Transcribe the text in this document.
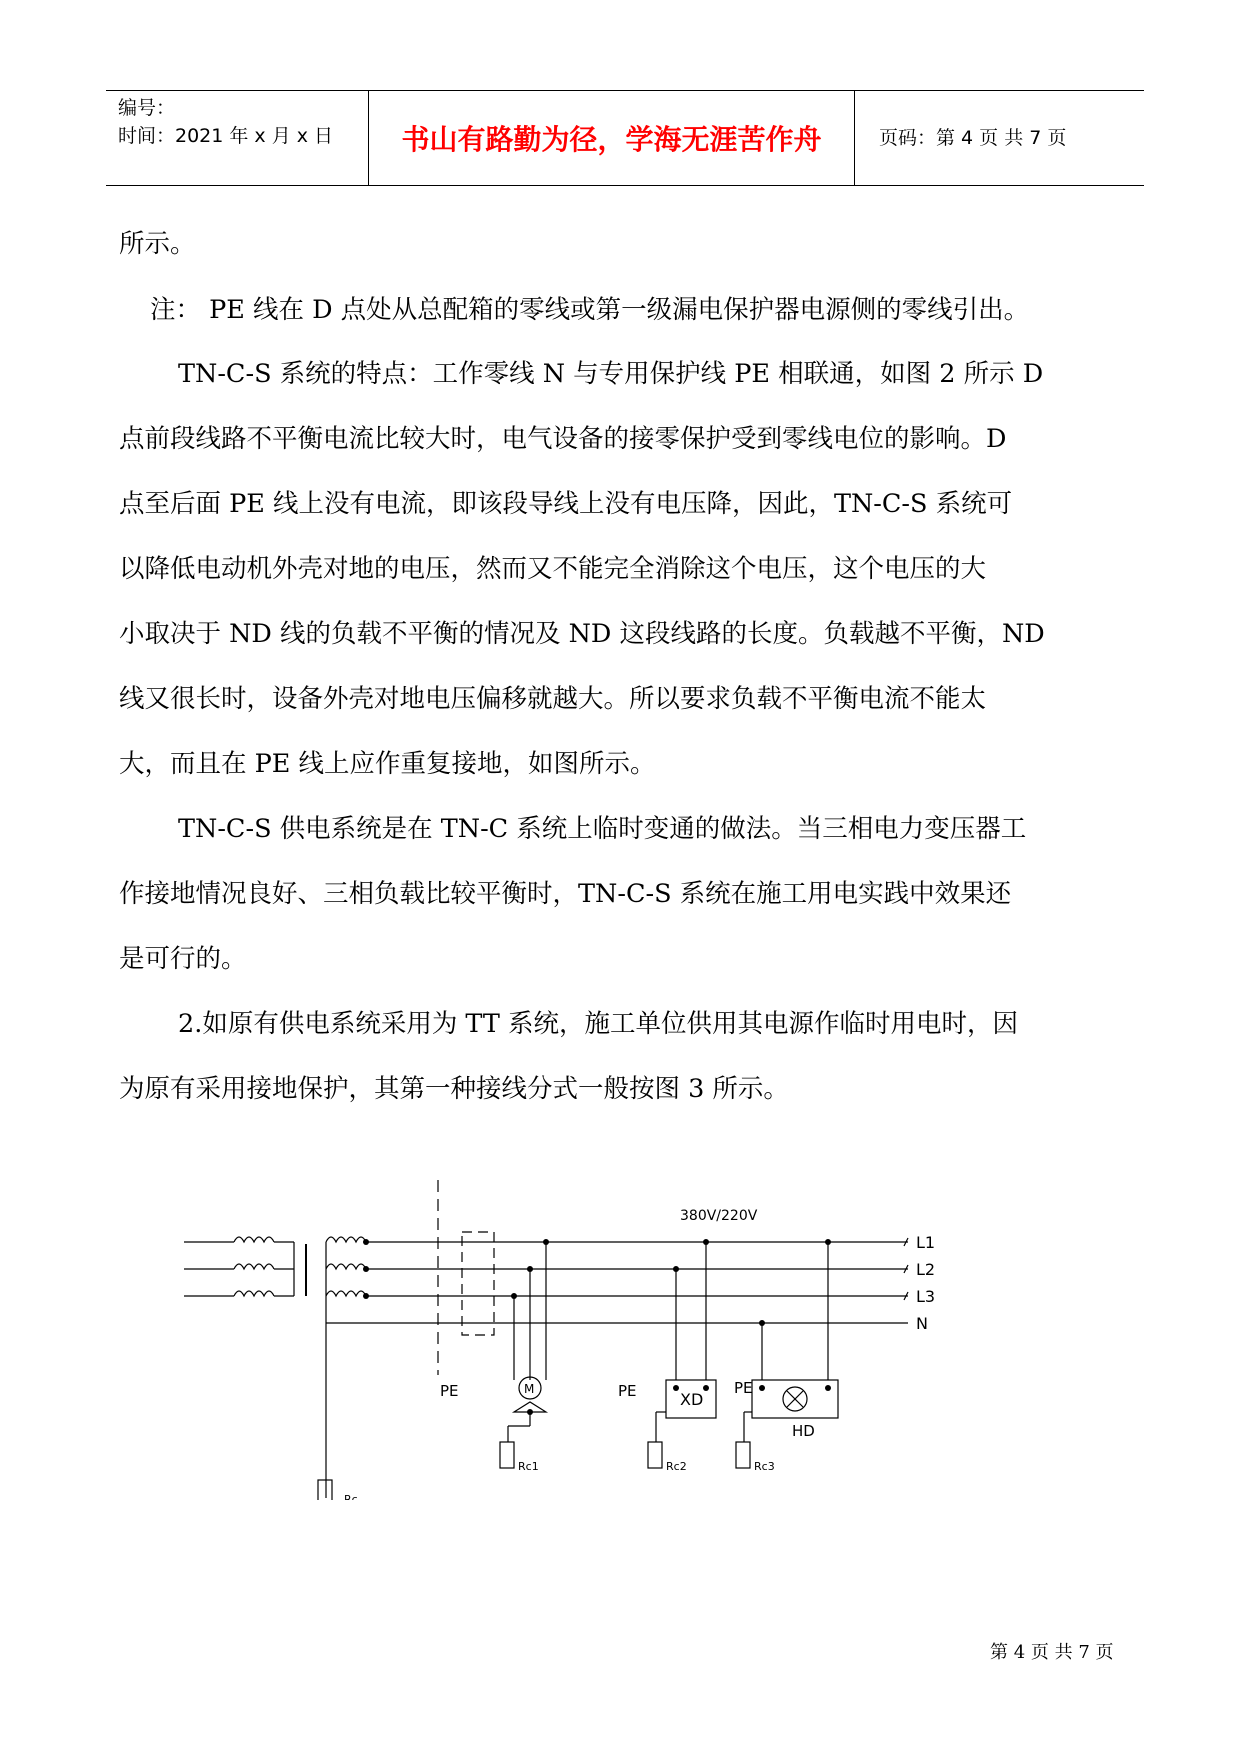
编号：
时间：2021 年 x 月 x 日	书山有路勤为径，学海无涯苦作舟	页码：第 4 页 共 7 页
所示。
注： PE 线在 D 点处从总配箱的零线或第一级漏电保护器电源侧的零线引出。
TN-C-S 系统的特点：工作零线 N 与专用保护线 PE 相联通，如图 2 所示 D
点前段线路不平衡电流比较大时，电气设备的接零保护受到零线电位的影响。D
点至后面 PE 线上没有电流，即该段导线上没有电压降，因此，TN-C-S 系统可
以降低电动机外壳对地的电压，然而又不能完全消除这个电压，这个电压的大
小取决于 ND 线的负载不平衡的情况及 ND 这段线路的长度。负载越不平衡，ND
线又很长时，设备外壳对地电压偏移就越大。所以要求负载不平衡电流不能太
大，而且在 PE 线上应作重复接地，如图所示。
TN-C-S 供电系统是在 TN-C 系统上临时变通的做法。当三相电力变压器工
作接地情况良好、三相负载比较平衡时，TN-C-S 系统在施工用电实践中效果还
是可行的。
2.如原有供电系统采用为 TT 系统，施工单位供用其电源作临时用电时，因
为原有采用接地保护，其第一种接线分式一般按图 3 所示。
380V/220V
L1
L2
L3
N
M
XD
HD
PE	PE	PE
Rc
Rc1	Rc2	Rc3
第 4 页 共 7 页
